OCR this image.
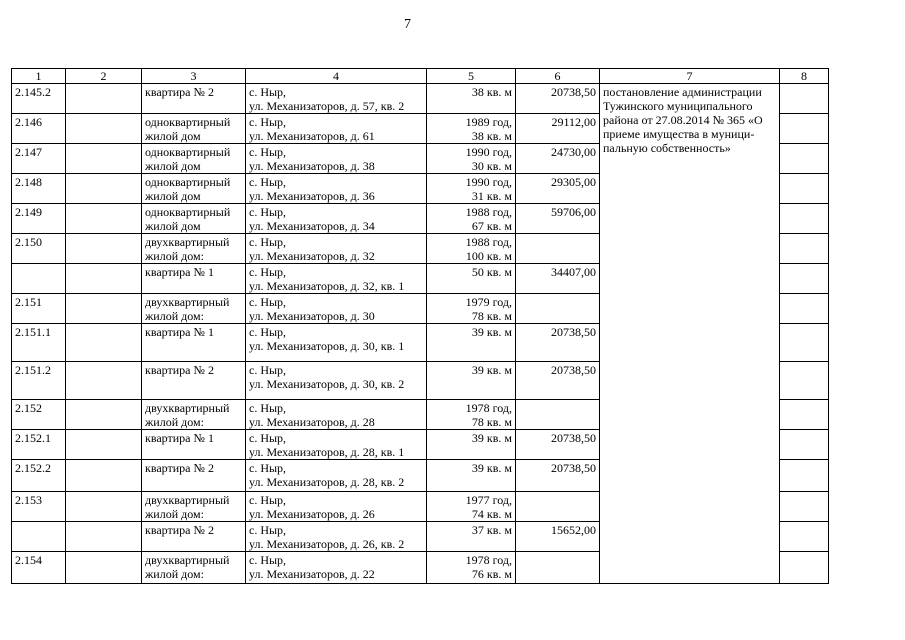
7
1	2	3	4	5	6	7	8
2.145.2		квартира № 2	с. Ныр,
ул. Механизаторов, д. 57, кв. 2	38 кв. м	20738,50	постановление администрации
Тужинского муниципального
района от 27.08.2014 № 365 «О
приеме имущества в муници-
пальную собственность»	

2.146		одноквартирный
жилой дом	с. Ныр,
ул. Механизаторов, д. 61	1989 год,
38 кв. м	29112,00		
2.147		одноквартирный
жилой дом	с. Ныр,
ул. Механизаторов, д. 38	1990 год,
30 кв. м	24730,00		
2.148		одноквартирный
жилой дом	с. Ныр,
ул. Механизаторов, д. 36	1990 год,
31 кв. м	29305,00		
2.149		одноквартирный
жилой дом	с. Ныр,
ул. Механизаторов, д. 34	1988 год,
67 кв. м	59706,00		
2.150		двухквартирный
жилой дом:	с. Ныр,
ул. Механизаторов, д. 32	1988 год,
100 кв. м			

		квартира № 1	с. Ныр,
ул. Механизаторов, д. 32, кв. 1	50 кв. м	34407,00		
2.151		двухквартирный
жилой дом:	с. Ныр,
ул. Механизаторов, д. 30	1979 год,
78 кв. м			

2.151.1		квартира № 1	с. Ныр,
ул. Механизаторов, д. 30, кв. 1	39 кв. м	20738,50		
2.151.2		квартира № 2	с. Ныр,
ул. Механизаторов, д. 30, кв. 2	39 кв. м	20738,50		
2.152		двухквартирный
жилой дом:	с. Ныр,
ул. Механизаторов, д. 28	1978 год,
78 кв. м			

2.152.1		квартира № 1	с. Ныр,
ул. Механизаторов, д. 28, кв. 1	39 кв. м	20738,50		
2.152.2		квартира № 2	с. Ныр,
ул. Механизаторов, д. 28, кв. 2	39 кв. м	20738,50		
2.153		двухквартирный
жилой дом:	с. Ныр,
ул. Механизаторов, д. 26	1977 год,
74 кв. м			

		квартира № 2	с. Ныр,
ул. Механизаторов, д. 26, кв. 2	37 кв. м	15652,00		
2.154		двухквартирный
жилой дом:	с. Ныр,
ул. Механизаторов, д. 22	1978 год,
76 кв. м			
